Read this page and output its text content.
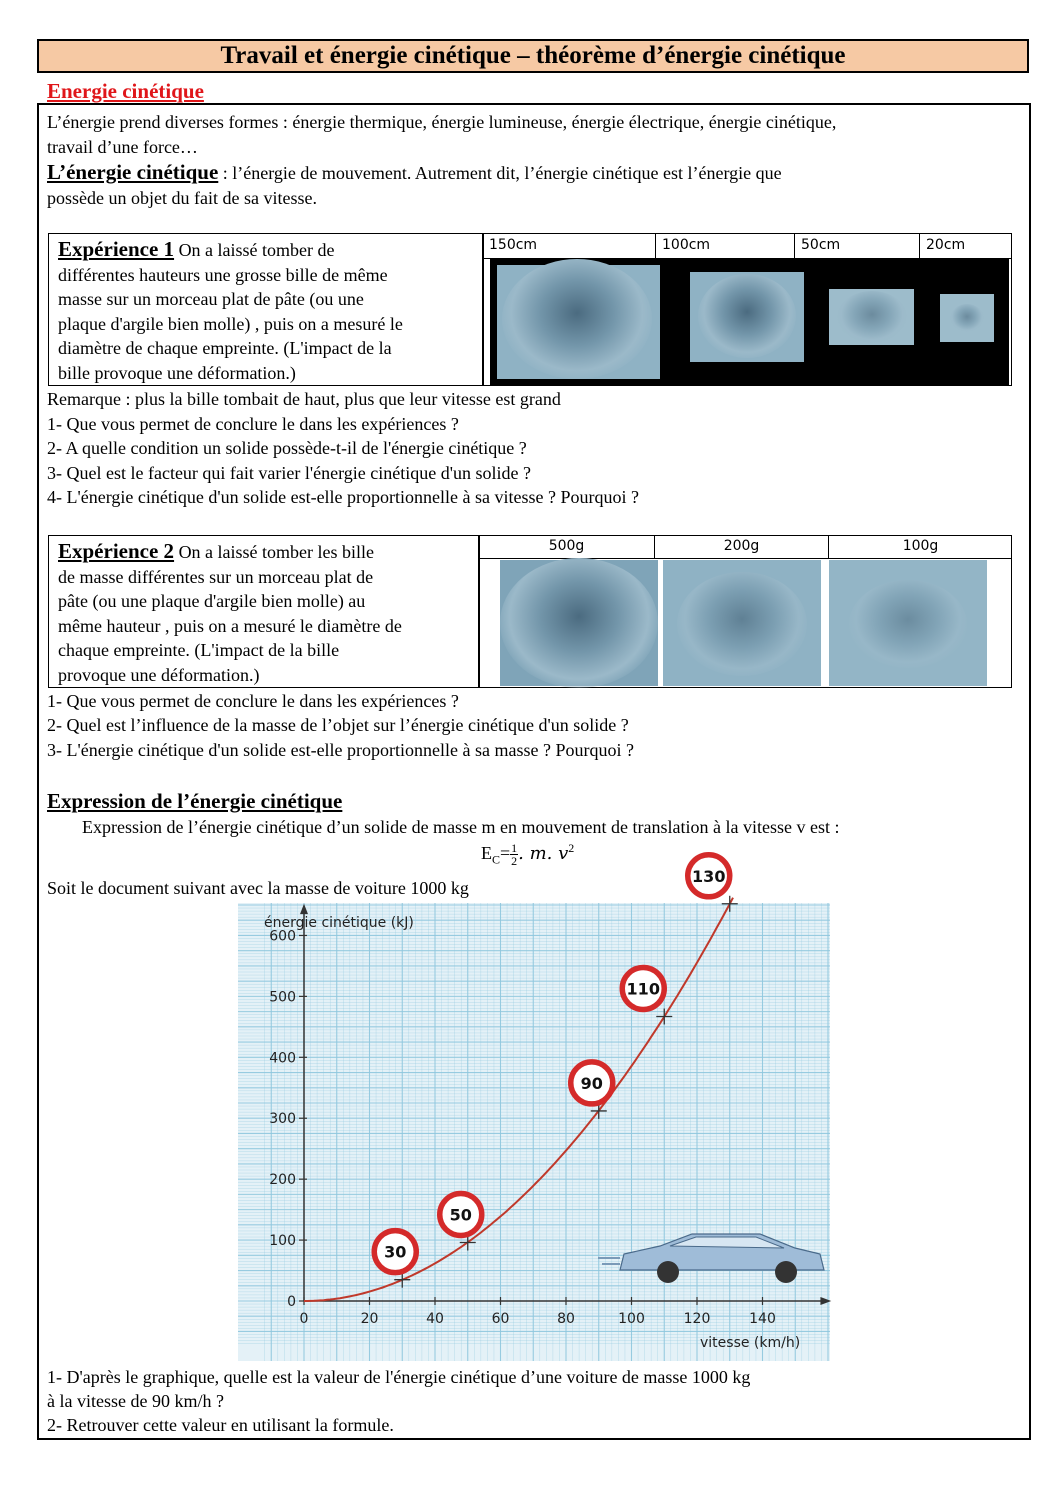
Travail et énergie cinétique – théorème d’énergie cinétique
Energie cinétique
L’énergie prend diverses formes : énergie thermique, énergie lumineuse, énergie électrique, énergie cinétique,
travail d’une force…
L’énergie cinétique : l’énergie de mouvement. Autrement dit, l’énergie cinétique est l’énergie que
possède un objet du fait de sa vitesse.
Expérience 1 On a laissé tomber de
différentes hauteurs une grosse bille de même
masse sur un morceau plat de pâte (ou une
plaque d'argile bien molle) , puis on a mesuré le
diamètre de chaque empreinte. (L'impact de la
bille provoque une déformation.)
150cm	100cm	50cm	20cm
Remarque : plus la bille tombait de haut, plus que leur vitesse est grand
1- Que vous permet de conclure le dans les expériences ?
2- A quelle condition un solide possède-t-il de l'énergie cinétique ?
3- Quel est le facteur qui fait varier l'énergie cinétique d'un solide ?
4- L'énergie cinétique d'un solide est-elle proportionnelle à sa vitesse ? Pourquoi ?
Expérience 2 On a laissé tomber les bille
de masse différentes sur un morceau plat de
pâte (ou une plaque d'argile bien molle) au
même hauteur , puis on a mesuré le diamètre de
chaque empreinte. (L'impact de la bille
provoque une déformation.)
500g	200g	100g
1- Que vous permet de conclure le dans les expériences ?
2- Quel est l’influence de la masse de l’objet sur l’énergie cinétique d'un solide ?
3- L'énergie cinétique d'un solide est-elle proportionnelle à sa masse ? Pourquoi ?
Expression de l’énergie cinétique
Expression de l’énergie cinétique d’un solide de masse m en mouvement de translation à la vitesse v est :
$E_C= \frac{1}{2}$ . m. $v^2$
Soit le document suivant avec la masse de voiture 1000 kg
0	20	40	60	80	100	120	140
0
100
200
300
400
500
600
30
50
90
110
130
énergie cinétique (kJ)
vitesse (km/h)
1- D'après le graphique, quelle est la valeur de l'énergie cinétique d’une voiture de masse 1000 kg
à la vitesse de 90 km/h ?
2- Retrouver cette valeur en utilisant la formule.
